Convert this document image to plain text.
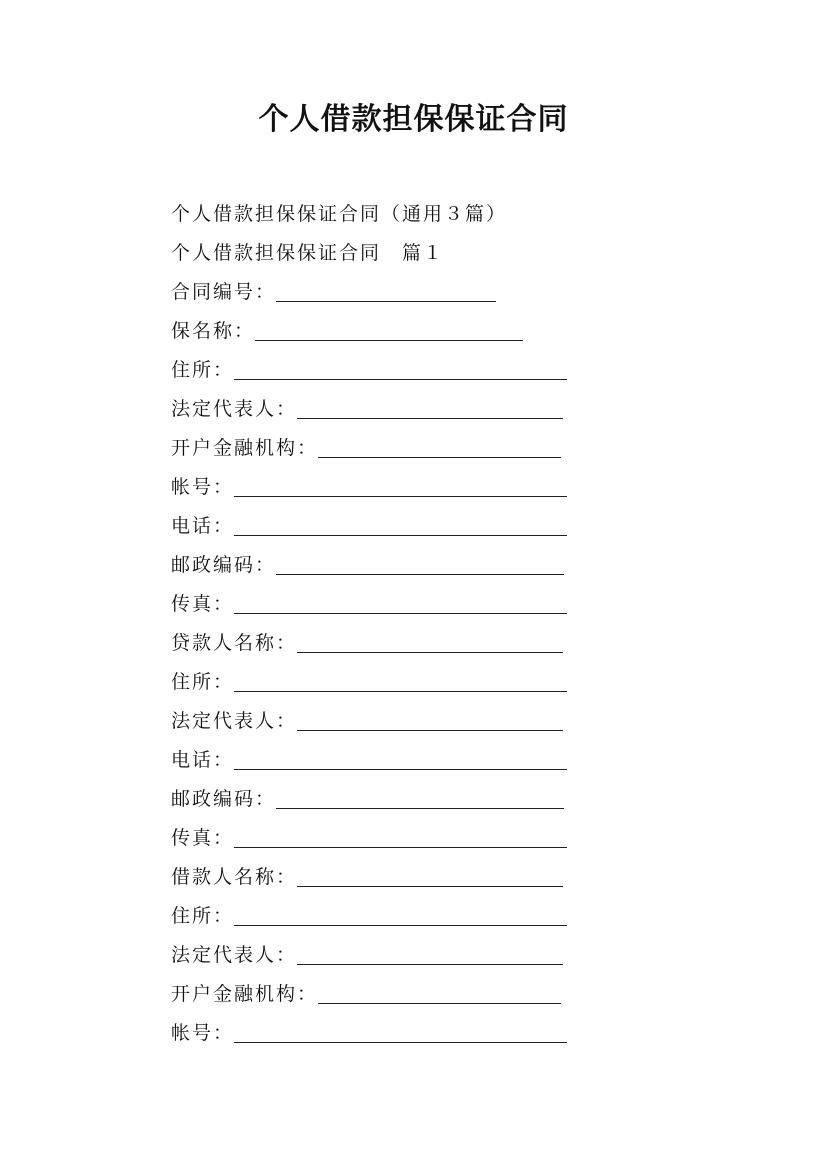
个人借款担保保证合同
个人借款担保保证合同（通用３篇）
个人借款担保保证合同　篇１
合同编号：
保名称：
住所：
法定代表人：
开户金融机构：
帐号：
电话：
邮政编码：
传真：
贷款人名称：
住所：
法定代表人：
电话：
邮政编码：
传真：
借款人名称：
住所：
法定代表人：
开户金融机构：
帐号：
